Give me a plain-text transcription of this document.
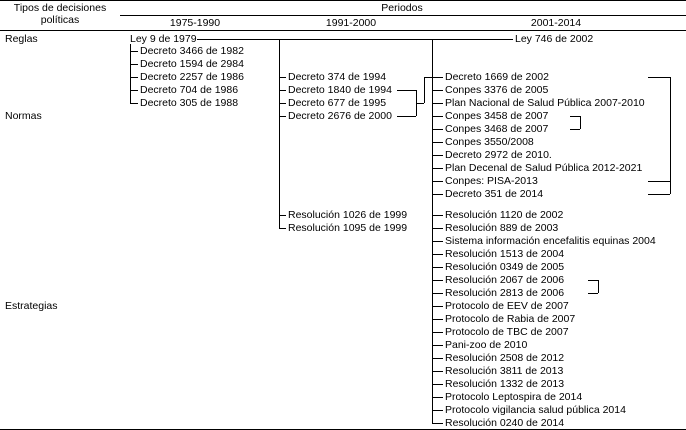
Tipos de decisiones
políticas
Periodos
1975-1990	1991-2000	2001-2014
Reglas
Normas
Estrategias
Ley 9 de 1979
Decreto 3466 de 1982
Decreto 1594 de 2984
Decreto 2257 de 1986
Decreto 704 de 1986
Decreto 305 de 1988
Decreto 374 de 1994
Decreto 1840 de 1994
Decreto 677 de 1995
Decreto 2676 de 2000
Resolución 1026 de 1999
Resolución 1095 de 1999
Ley 746 de 2002
Decreto 1669 de 2002
Conpes 3376 de 2005
Plan Nacional de Salud Pública 2007-2010
Conpes 3458 de 2007
Conpes 3468 de 2007
Conpes 3550/2008
Decreto 2972 de 2010.
Plan Decenal de Salud Pública 2012-2021
Conpes: PISA-2013
Decreto 351 de 2014
Resolución 1120 de 2002
Resolución 889 de 2003
Sistema información encefalitis equinas 2004
Resolución 1513 de 2004
Resolución 0349 de 2005
Resolución 2067 de 2006
Resolución 2813 de 2006
Protocolo de EEV de 2007
Protocolo de Rabia de 2007
Protocolo de TBC de 2007
Pani-zoo de 2010
Resolución 2508 de 2012
Resolución 3811 de 2013
Resolución 1332 de 2013
Protocolo Leptospira de 2014
Protocolo vigilancia salud pública 2014
Resolución 0240 de 2014
